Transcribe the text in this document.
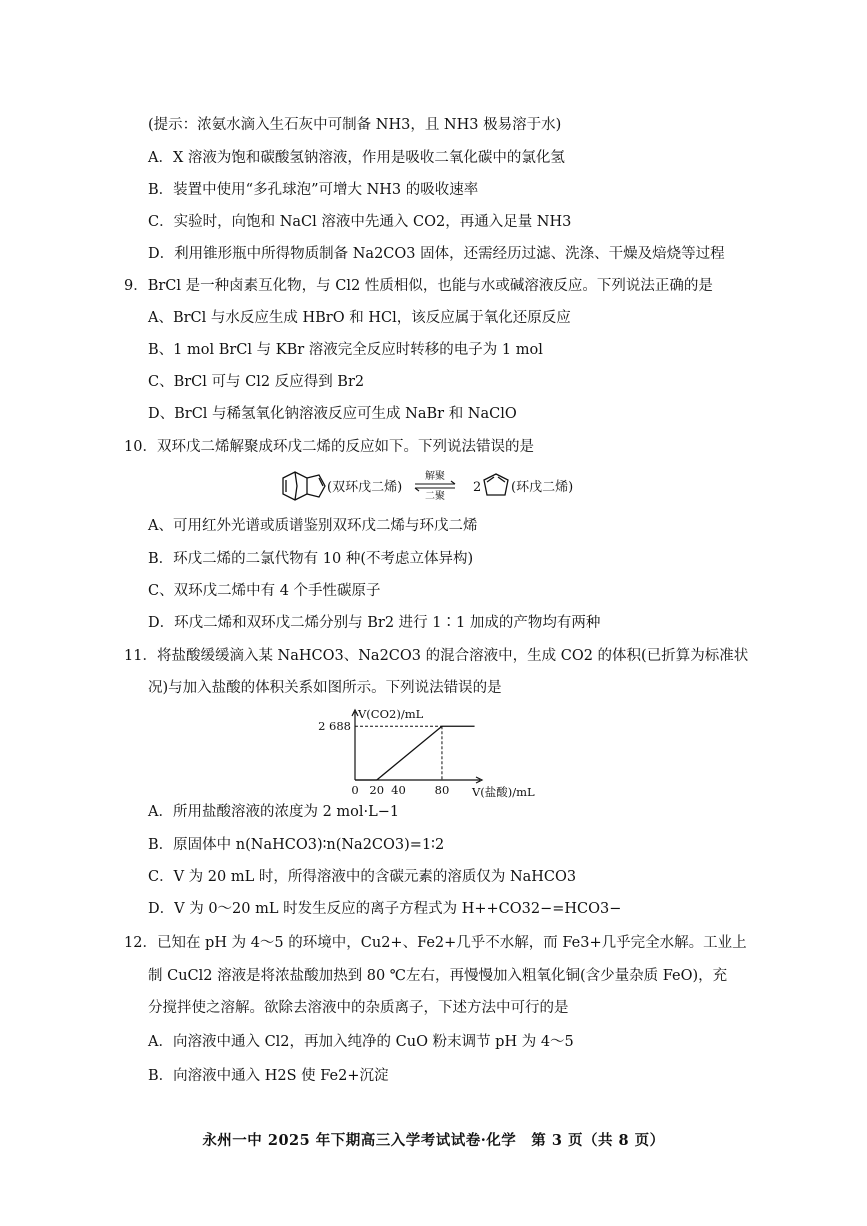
(提示：浓氨水滴入生石灰中可制备 NH3，且 NH3 极易溶于水)
A．X 溶液为饱和碳酸氢钠溶液，作用是吸收二氧化碳中的氯化氢
B．装置中使用“多孔球泡”可增大 NH3 的吸收速率
C．实验时，向饱和 NaCl 溶液中先通入 CO2，再通入足量 NH3
D．利用锥形瓶中所得物质制备 Na2CO3 固体，还需经历过滤、洗涤、干燥及焙烧等过程
9．BrCl 是一种卤素互化物，与 Cl2 性质相似，也能与水或碱溶液反应。下列说法正确的是
A、BrCl 与水反应生成 HBrO 和 HCl，该反应属于氧化还原反应
B、1 mol BrCl 与 KBr 溶液完全反应时转移的电子为 1 mol
C、BrCl 可与 Cl2 反应得到 Br2
D、BrCl 与稀氢氧化钠溶液反应可生成 NaBr 和 NaClO
10．双环戊二烯解聚成环戊二烯的反应如下。下列说法错误的是
(双环戊二烯)
解聚
二聚
2 (环戊二烯)
A、可用红外光谱或质谱鉴别双环戊二烯与环戊二烯
B．环戊二烯的二氯代物有 10 种(不考虑立体异构)
C、双环戊二烯中有 4 个手性碳原子
D．环戊二烯和双环戊二烯分别与 Br2 进行 1∶1 加成的产物均有两种
11．将盐酸缓缓滴入某 NaHCO3、Na2CO3 的混合溶液中，生成 CO2 的体积(已折算为标准状
况)与加入盐酸的体积关系如图所示。下列说法错误的是
V(CO2)/mL
V(盐酸)/mL
0 20 40	80
2 688
A．所用盐酸溶液的浓度为 2 mol·L−1
B．原固体中 n(NaHCO3)∶n(Na2CO3)=1∶2
C．V 为 20 mL 时，所得溶液中的含碳元素的溶质仅为 NaHCO3
D．V 为 0～20 mL 时发生反应的离子方程式为 H++CO32−=HCO3−
12．已知在 pH 为 4～5 的环境中，Cu2+、Fe2+几乎不水解，而 Fe3+几乎完全水解。工业上
制 CuCl2 溶液是将浓盐酸加热到 80 ℃左右，再慢慢加入粗氧化铜(含少量杂质 FeO)，充
分搅拌使之溶解。欲除去溶液中的杂质离子，下述方法中可行的是
A．向溶液中通入 Cl2，再加入纯净的 CuO 粉末调节 pH 为 4～5
B．向溶液中通入 H2S 使 Fe2+沉淀
永州一中 2025 年下期高三入学考试试卷·化学　第 3 页（共 8 页）
